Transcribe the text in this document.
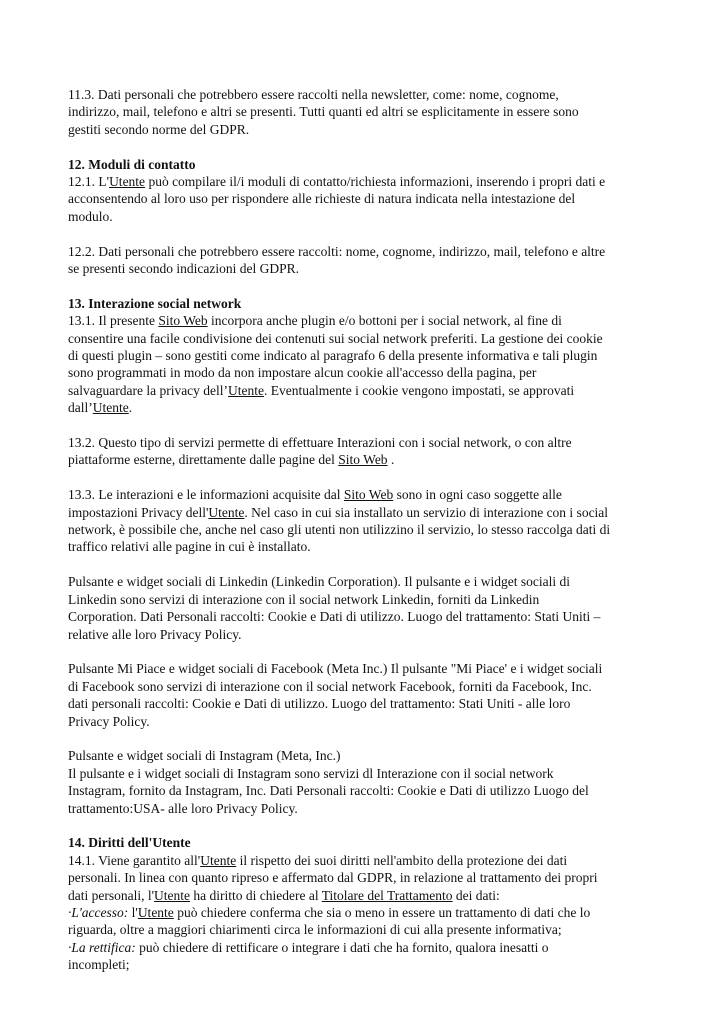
11.3. Dati personali che potrebbero essere raccolti nella newsletter, come: nome, cognome,
indirizzo, mail, telefono e altri se presenti. Tutti quanti ed altri se esplicitamente in essere sono
gestiti secondo norme del GDPR.

12. Moduli di contatto

12.1. L'Utente può compilare il/i moduli di contatto/richiesta informazioni, inserendo i propri dati e
acconsentendo al loro uso per rispondere alle richieste di natura indicata nella intestazione del
modulo.

12.2. Dati personali che potrebbero essere raccolti: nome, cognome, indirizzo, mail, telefono e altre
se presenti secondo indicazioni del GDPR.

13. Interazione social network

13.1. Il presente Sito Web incorpora anche plugin e/o bottoni per i social network, al fine di
consentire una facile condivisione dei contenuti sui social network preferiti. La gestione dei cookie
di questi plugin – sono gestiti come indicato al paragrafo 6 della presente informativa e tali plugin
sono programmati in modo da non impostare alcun cookie all'accesso della pagina, per
salvaguardare la privacy dell’Utente. Eventualmente i cookie vengono impostati, se approvati
dall’Utente.

13.2. Questo tipo di servizi permette di effettuare Interazioni con i social network, o con altre
piattaforme esterne, direttamente dalle pagine del Sito Web .

13.3. Le interazioni e le informazioni acquisite dal Sito Web sono in ogni caso soggette alle
impostazioni Privacy dell'Utente. Nel caso in cui sia installato un servizio di interazione con i social
network, è possibile che, anche nel caso gli utenti non utilizzino il servizio, lo stesso raccolga dati di
traffico relativi alle pagine in cui è installato.

Pulsante e widget sociali di Linkedin (Linkedin Corporation). Il pulsante e i widget sociali di
Linkedin sono servizi di interazione con il social network Linkedin, forniti da Linkedin
Corporation. Dati Personali raccolti: Cookie e Dati di utilizzo. Luogo del trattamento: Stati Uniti –
relative alle loro Privacy Policy.

Pulsante Mi Piace e widget sociali di Facebook (Meta Inc.) Il pulsante "Mi Piace' e i widget sociali
di Facebook sono servizi di interazione con il social network Facebook, forniti da Facebook, Inc.
dati personali raccolti: Cookie e Dati di utilizzo. Luogo del trattamento: Stati Uniti - alle loro
Privacy Policy.

Pulsante e widget sociali di Instagram (Meta, Inc.)
Il pulsante e i widget sociali di Instagram sono servizi dl Interazione con il social network
Instagram, fornito da Instagram, Inc. Dati Personali raccolti: Cookie e Dati di utilizzo Luogo del
trattamento:USA- alle loro Privacy Policy.

14. Diritti dell'Utente

14.1. Viene garantito all'Utente il rispetto dei suoi diritti nell'ambito della protezione dei dati
personali. In linea con quanto ripreso e affermato dal GDPR, in relazione al trattamento dei propri
dati personali, l'Utente ha diritto di chiedere al Titolare del Trattamento dei dati:
·L'accesso: l'Utente può chiedere conferma che sia o meno in essere un trattamento di dati che lo
riguarda, oltre a maggiori chiarimenti circa le informazioni di cui alla presente informativa;
·La rettifica: può chiedere di rettificare o integrare i dati che ha fornito, qualora inesatti o
incompleti;
